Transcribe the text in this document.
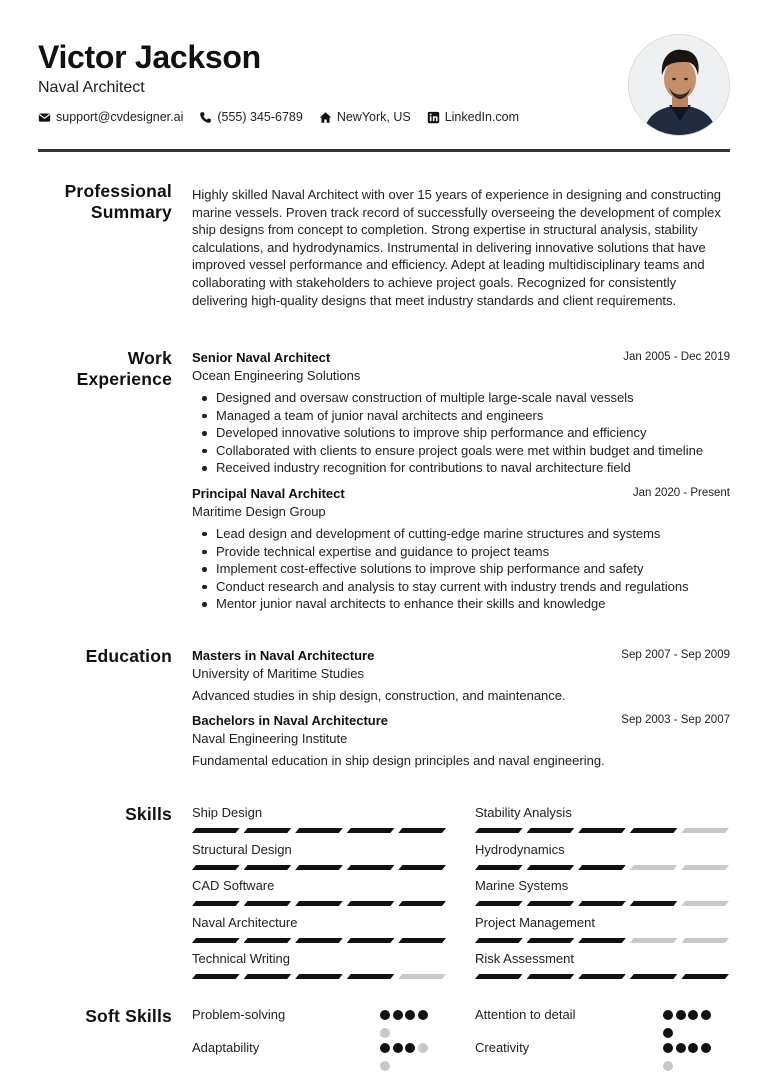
Victor Jackson
Naval Architect
support@cvdesigner.ai	(555) 345-6789	NewYork, US	LinkedIn.com
Professional
Summary

Highly skilled Naval Architect with over 15 years of experience in designing and constructing marine vessels. Proven track record of successfully overseeing the development of complex ship designs from concept to completion. Strong expertise in structural analysis, stability calculations, and hydrodynamics. Instrumental in delivering innovative solutions that have improved vessel performance and efficiency. Adept at leading multidisciplinary teams and collaborating with stakeholders to achieve project goals. Recognized for consistently delivering high-quality designs that meet industry standards and client requirements.

Work
Experience
Senior Naval Architect	Jan 2005 - Dec 2019
Ocean Engineering Solutions
Designed and oversaw construction of multiple large-scale naval vessels
Managed a team of junior naval architects and engineers
Developed innovative solutions to improve ship performance and efficiency
Collaborated with clients to ensure project goals were met within budget and timeline
Received industry recognition for contributions to naval architecture field
Principal Naval Architect	Jan 2020 - Present
Maritime Design Group
Lead design and development of cutting-edge marine structures and systems
Provide technical expertise and guidance to project teams
Implement cost-effective solutions to improve ship performance and safety
Conduct research and analysis to stay current with industry trends and regulations
Mentor junior naval architects to enhance their skills and knowledge
Education Masters in Naval Architecture	Sep 2007 - Sep 2009
University of Maritime Studies
Advanced studies in ship design, construction, and maintenance.
Bachelors in Naval Architecture	Sep 2003 - Sep 2007
Naval Engineering Institute
Fundamental education in ship design principles and naval engineering.
Skills Ship Design	Stability Analysis
Structural Design	Hydrodynamics
CAD Software	Marine Systems
Naval Architecture	Project Management
Technical Writing	Risk Assessment
Soft Skills Problem-solving	Attention to detail
Adaptability	Creativity
